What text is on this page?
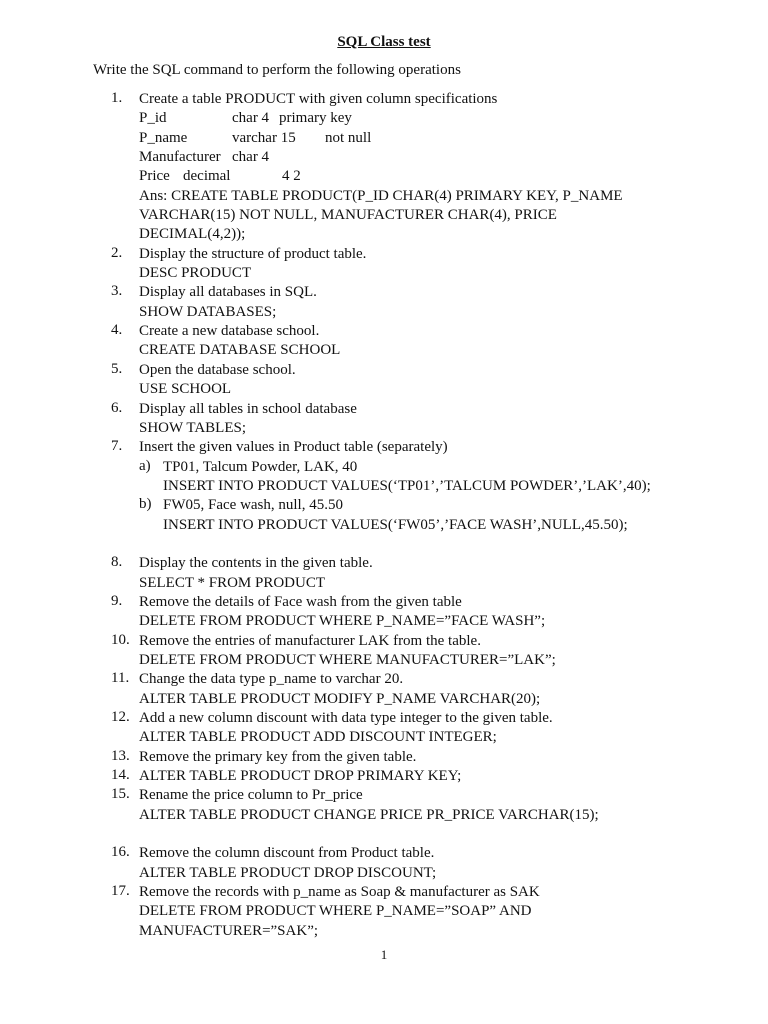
SQL Class test
Write the SQL command to perform the following operations
1.	Create a table PRODUCT with given column specifications
P_id	char 4 primary key
P_name	varchar 15	not null
Manufacturer char 4
Price decimal	4 2
Ans: CREATE TABLE PRODUCT(P_ID CHAR(4) PRIMARY KEY, P_NAME
VARCHAR(15) NOT NULL, MANUFACTURER CHAR(4), PRICE
DECIMAL(4,2));
2.	Display the structure of product table.
DESC PRODUCT
3.	Display all databases in SQL.
SHOW DATABASES;
4.	Create a new database school.
CREATE DATABASE SCHOOL
5.	Open the database school.
USE SCHOOL
6.	Display all tables in school database
SHOW TABLES;
7.	Insert the given values in Product table (separately)
a) TP01, Talcum Powder, LAK, 40
INSERT INTO PRODUCT VALUES(‘TP01’,’TALCUM POWDER’,’LAK’,40);
b) FW05, Face wash, null, 45.50
INSERT INTO PRODUCT VALUES(‘FW05’,’FACE WASH’,NULL,45.50);
8.	Display the contents in the given table.
SELECT * FROM PRODUCT
9.	Remove the details of Face wash from the given table
DELETE FROM PRODUCT WHERE P_NAME=”FACE WASH”;
10. Remove the entries of manufacturer LAK from the table.
DELETE FROM PRODUCT WHERE MANUFACTURER=”LAK”;
11. Change the data type p_name to varchar 20.
ALTER TABLE PRODUCT MODIFY P_NAME VARCHAR(20);
12. Add a new column discount with data type integer to the given table.
ALTER TABLE PRODUCT ADD DISCOUNT INTEGER;
13. Remove the primary key from the given table.
14. ALTER TABLE PRODUCT DROP PRIMARY KEY;
15. Rename the price column to Pr_price
ALTER TABLE PRODUCT CHANGE PRICE PR_PRICE VARCHAR(15);
16. Remove the column discount from Product table.
ALTER TABLE PRODUCT DROP DISCOUNT;
17. Remove the records with p_name as Soap & manufacturer as SAK
DELETE FROM PRODUCT WHERE P_NAME=”SOAP” AND
MANUFACTURER=”SAK”;
1
